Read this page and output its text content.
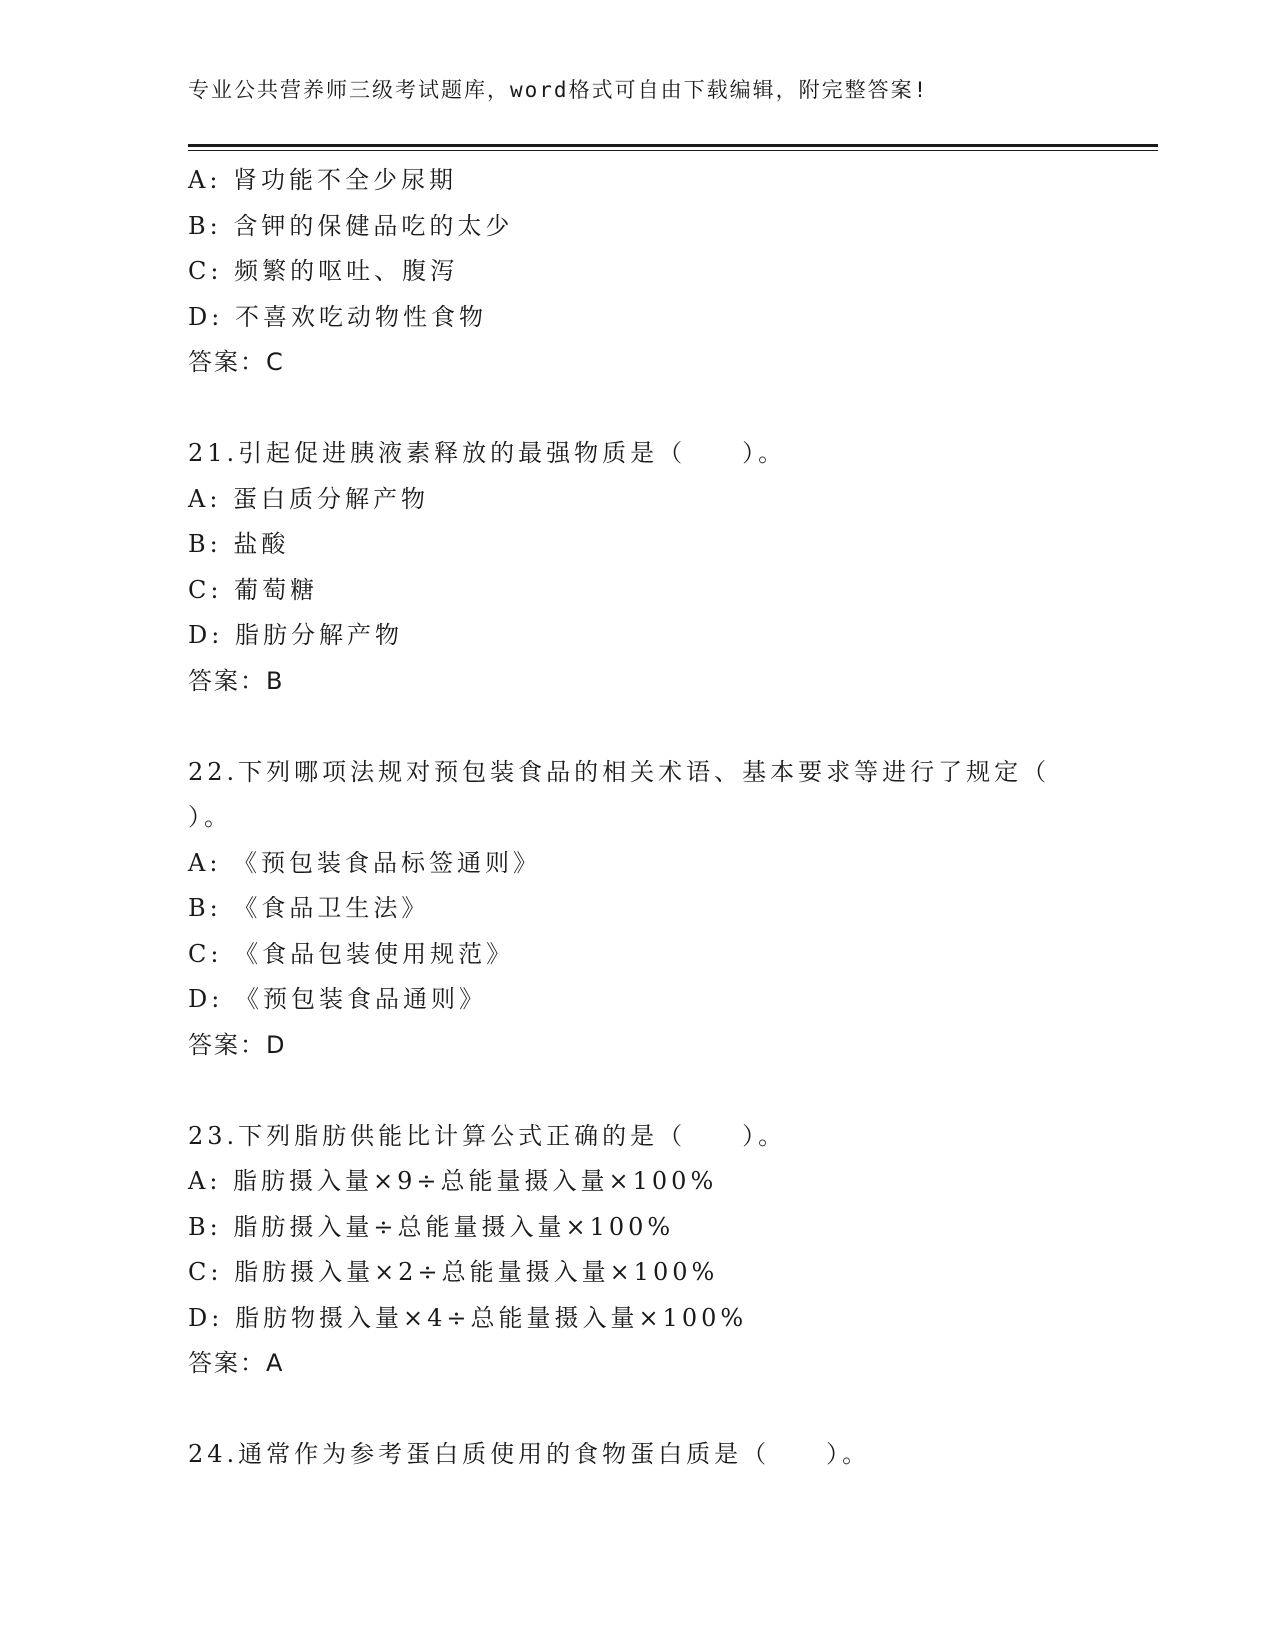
专业公共营养师三级考试题库，word格式可自由下载编辑，附完整答案!
A: 肾功能不全少尿期
B: 含钾的保健品吃的太少
C: 频繁的呕吐、腹泻
D: 不喜欢吃动物性食物
答案：C
21.引起促进胰液素释放的最强物质是（　　）。
A: 蛋白质分解产物
B: 盐酸
C: 葡萄糖
D: 脂肪分解产物
答案：B
22.下列哪项法规对预包装食品的相关术语、基本要求等进行了规定（
）。
A: 《预包装食品标签通则》
B: 《食品卫生法》
C: 《食品包装使用规范》
D: 《预包装食品通则》
答案：D
23.下列脂肪供能比计算公式正确的是（　　）。
A: 脂肪摄入量×9÷总能量摄入量×100%
B: 脂肪摄入量÷总能量摄入量×100%
C: 脂肪摄入量×2÷总能量摄入量×100%
D: 脂肪物摄入量×4÷总能量摄入量×100%
答案：A
24.通常作为参考蛋白质使用的食物蛋白质是（　　）。
